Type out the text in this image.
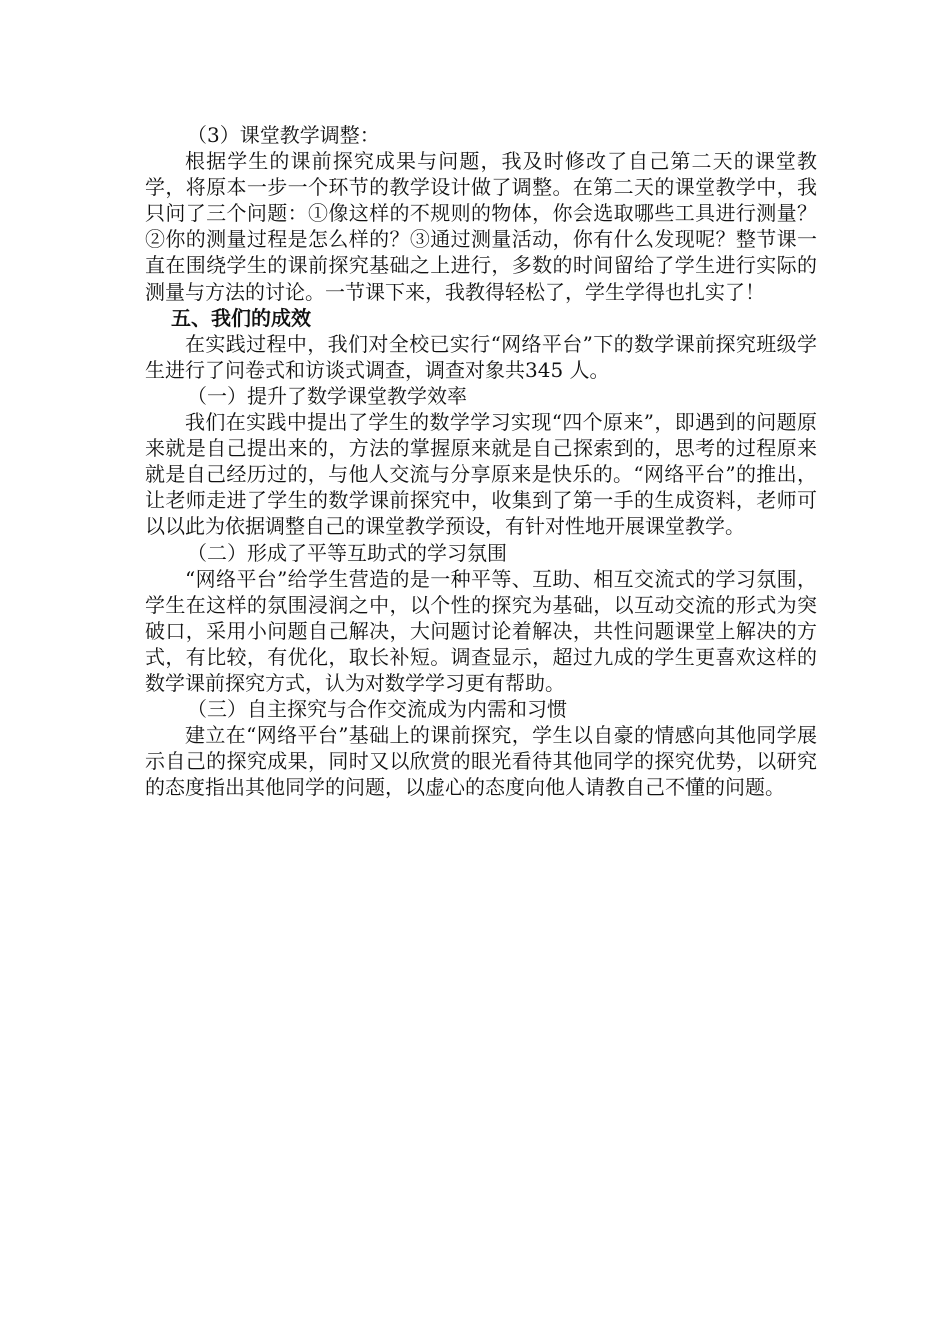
（3）课堂教学调整：

根据学生的课前探究成果与问题，我及时修改了自己第二天的课堂教学，将原本一步一个环节的教学设计做了调整。在第二天的课堂教学中，我只问了三个问题：①像这样的不规则的物体，你会选取哪些工具进行测量？②你的测量过程是怎么样的？③通过测量活动，你有什么发现呢？整节课一直在围绕学生的课前探究基础之上进行，多数的时间留给了学生进行实际的测量与方法的讨论。一节课下来，我教得轻松了，学生学得也扎实了！

五、我们的成效

在实践过程中，我们对全校已实行“网络平台”下的数学课前探究班级学生进行了问卷式和访谈式调查，调查对象共345 人。

（一）提升了数学课堂教学效率

我们在实践中提出了学生的数学学习实现“四个原来”，即遇到的问题原来就是自己提出来的，方法的掌握原来就是自己探索到的，思考的过程原来就是自己经历过的，与他人交流与分享原来是快乐的。“网络平台”的推出，让老师走进了学生的数学课前探究中，收集到了第一手的生成资料，老师可以以此为依据调整自己的课堂教学预设，有针对性地开展课堂教学。

（二）形成了平等互助式的学习氛围

“网络平台”给学生营造的是一种平等、互助、相互交流式的学习氛围，学生在这样的氛围浸润之中，以个性的探究为基础，以互动交流的形式为突破口，采用小问题自己解决，大问题讨论着解决，共性问题课堂上解决的方式，有比较，有优化，取长补短。调查显示，超过九成的学生更喜欢这样的数学课前探究方式，认为对数学学习更有帮助。

（三）自主探究与合作交流成为内需和习惯

建立在“网络平台”基础上的课前探究，学生以自豪的情感向其他同学展示自己的探究成果，同时又以欣赏的眼光看待其他同学的探究优势，以研究的态度指出其他同学的问题，以虚心的态度向他人请教自己不懂的问题。
